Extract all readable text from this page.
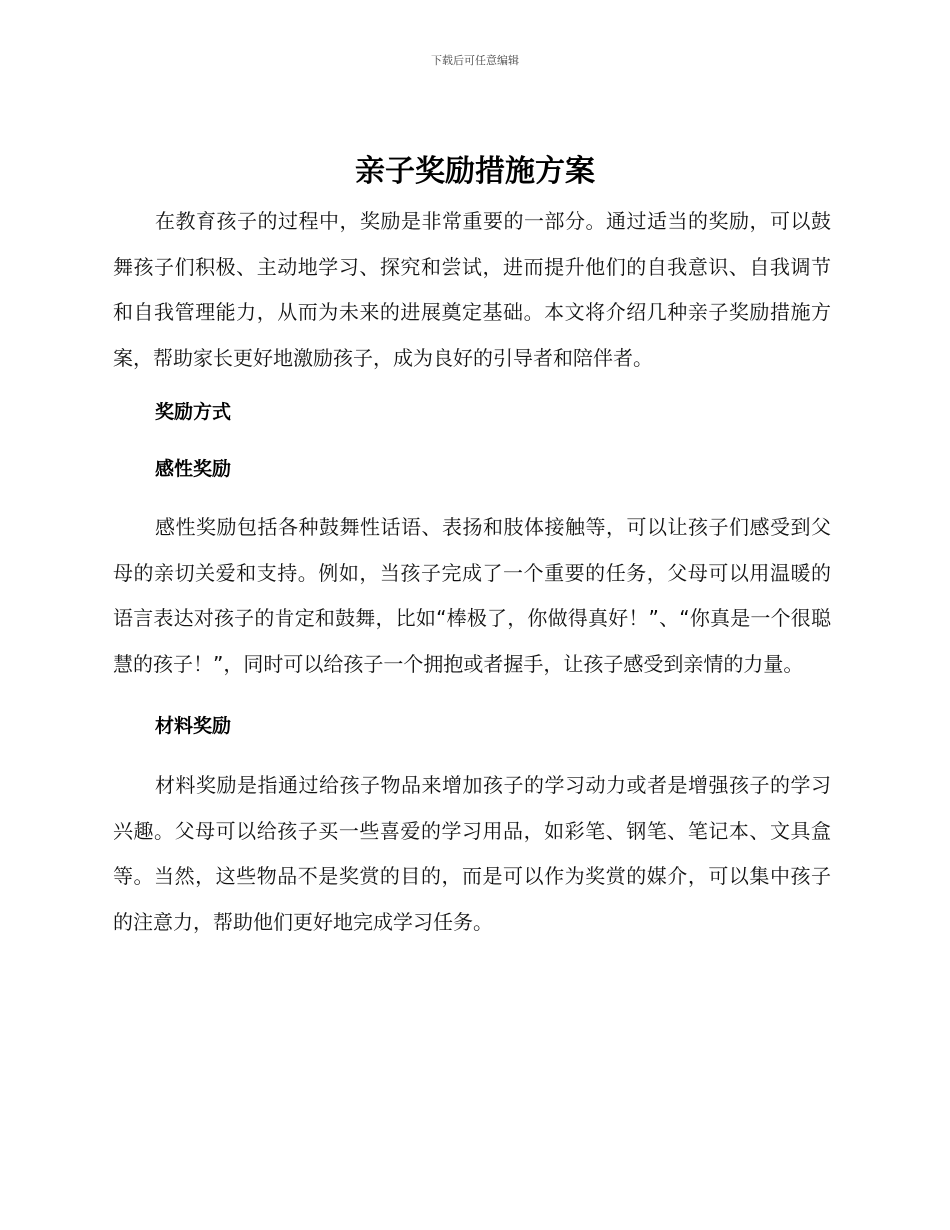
下载后可任意编辑
亲子奖励措施方案

在教育孩子的过程中，奖励是非常重要的一部分。通过适当的奖励，可以鼓舞孩子们积极、主动地学习、探究和尝试，进而提升他们的自我意识、自我调节和自我管理能力，从而为未来的进展奠定基础。本文将介绍几种亲子奖励措施方案，帮助家长更好地激励孩子，成为良好的引导者和陪伴者。

奖励方式
感性奖励

感性奖励包括各种鼓舞性话语、表扬和肢体接触等，可以让孩子们感受到父母的亲切关爱和支持。例如，当孩子完成了一个重要的任务，父母可以用温暖的语言表达对孩子的肯定和鼓舞，比如“棒极了，你做得真好！”、“你真是一个很聪慧的孩子！”，同时可以给孩子一个拥抱或者握手，让孩子感受到亲情的力量。

材料奖励

材料奖励是指通过给孩子物品来增加孩子的学习动力或者是增强孩子的学习兴趣。父母可以给孩子买一些喜爱的学习用品，如彩笔、钢笔、笔记本、文具盒等。当然，这些物品不是奖赏的目的，而是可以作为奖赏的媒介，可以集中孩子的注意力，帮助他们更好地完成学习任务。
